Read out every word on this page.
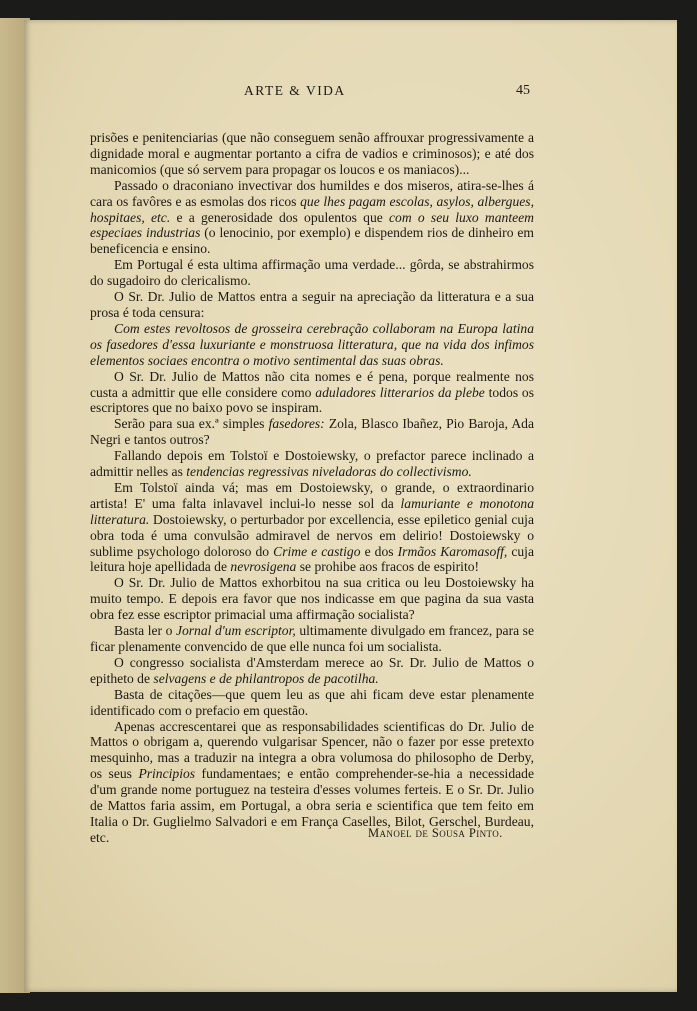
ARTE & VIDA	45

prisões e penitenciarias (que não conseguem senão affrouxar progressivamente a dignidade moral e augmentar portanto a cifra de vadios e criminosos); e até dos manicomios (que só servem para propagar os loucos e os maniacos)...

Passado o draconiano invectivar dos humildes e dos miseros, atira-se-lhes á cara os favôres e as esmolas dos ricos que lhes pagam escolas, asylos, albergues, hospitaes, etc. e a generosidade dos opulentos que com o seu luxo manteem especiaes industrias (o lenocinio, por exemplo) e dispendem rios de dinheiro em beneficencia e ensino.

Em Portugal é esta ultima affirmação uma verdade... gôrda, se abstrahirmos do sugadoiro do clericalismo.

O Sr. Dr. Julio de Mattos entra a seguir na apreciação da litteratura e a sua prosa é toda censura:

Com estes revoltosos de grosseira cerebração collaboram na Europa latina os fasedores d'essa luxuriante e monstruosa litteratura, que na vida dos infimos elementos sociaes encontra o motivo sentimental das suas obras.

O Sr. Dr. Julio de Mattos não cita nomes e é pena, porque realmente nos custa a admittir que elle considere como aduladores litterarios da plebe todos os escriptores que no baixo povo se inspiram.

Serão para sua ex.ª simples fasedores: Zola, Blasco Ibañez, Pio Baroja, Ada Negri e tantos outros?

Fallando depois em Tolstoï e Dostoiewsky, o prefactor parece inclinado a admittir nelles as tendencias regressivas niveladoras do collectivismo.

Em Tolstoï ainda vá; mas em Dostoiewsky, o grande, o extraordinario artista! E' uma falta inlavavel inclui-lo nesse sol da lamuriante e monotona litteratura. Dostoiewsky, o perturbador por excellencia, esse epiletico genial cuja obra toda é uma convulsão admiravel de nervos em delirio! Dostoiewsky o sublime psychologo doloroso do Crime e castigo e dos Irmãos Karomasoff, cuja leitura hoje apellidada de nevrosigena se prohibe aos fracos de espirito!

O Sr. Dr. Julio de Mattos exhorbitou na sua critica ou leu Dostoiewsky ha muito tempo. E depois era favor que nos indicasse em que pagina da sua vasta obra fez esse escriptor primacial uma affirmação socialista?

Basta ler o Jornal d'um escriptor, ultimamente divulgado em francez, para se ficar plenamente convencido de que elle nunca foi um socialista.

O congresso socialista d'Amsterdam merece ao Sr. Dr. Julio de Mattos o epitheto de selvagens e de philantropos de pacotilha.

Basta de citações—que quem leu as que ahi ficam deve estar plenamente identificado com o prefacio em questão.

Apenas accrescentarei que as responsabilidades scientificas do Dr. Julio de Mattos o obrigam a, querendo vulgarisar Spencer, não o fazer por esse pretexto mesquinho, mas a traduzir na integra a obra volumosa do philosopho de Derby, os seus Principios fundamentaes; e então comprehender-se-hia a necessidade d'um grande nome portuguez na testeira d'esses volumes ferteis. E o Sr. Dr. Julio de Mattos faria assim, em Portugal, a obra seria e scientifica que tem feito em Italia o Dr. Guglielmo Salvadori e em França Caselles, Bilot, Gerschel, Burdeau, etc.	Manoel de Sousa Pinto.
